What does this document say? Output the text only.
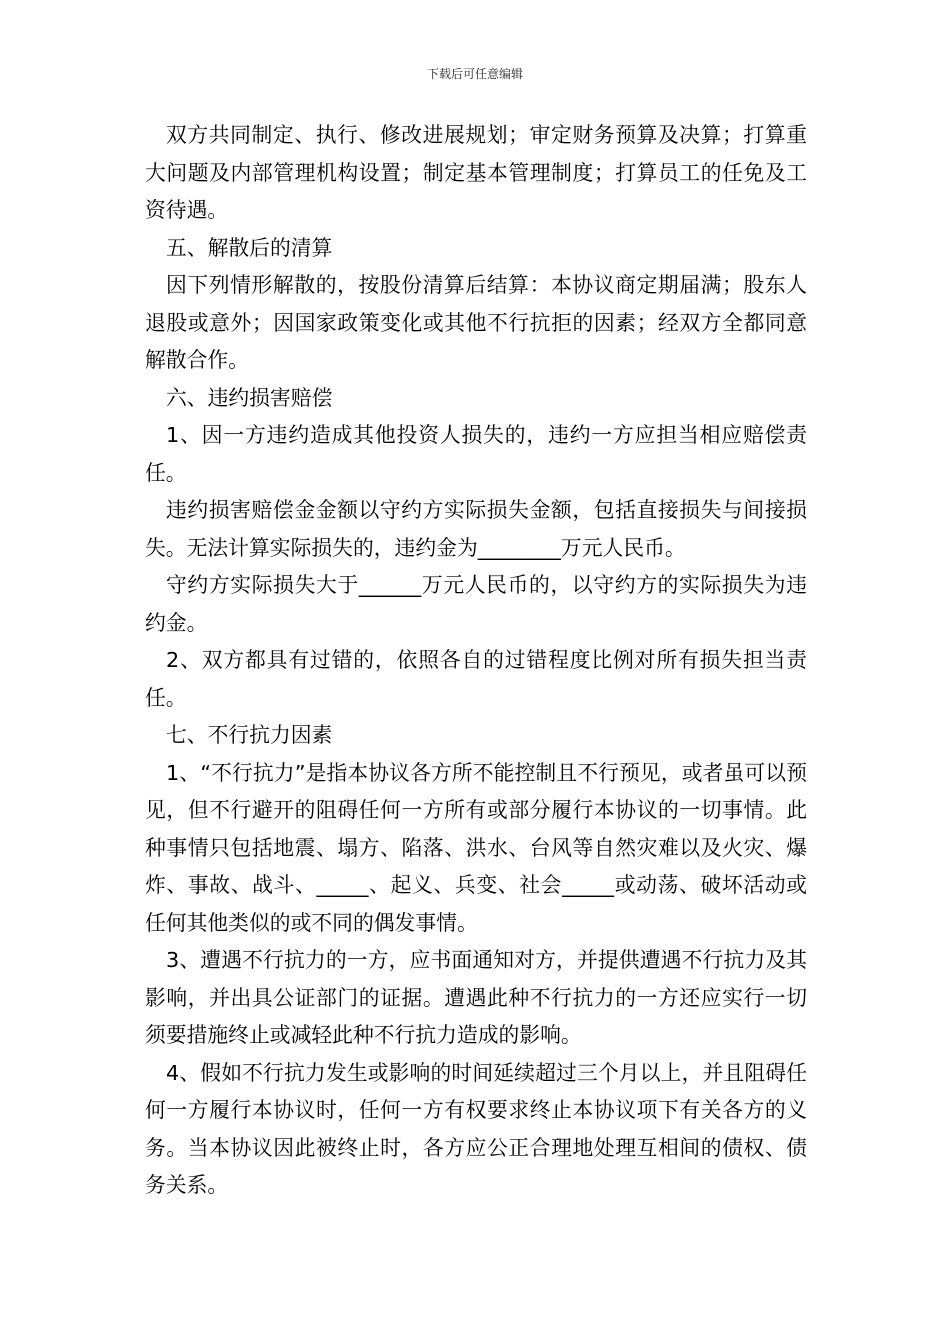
下载后可任意编辑

双方共同制定、执行、修改进展规划；审定财务预算及决算；打算重大问题及内部管理机构设置；制定基本管理制度；打算员工的任免及工资待遇。

五、解散后的清算

因下列情形解散的，按股份清算后结算：本协议商定期届满；股东人退股或意外；因国家政策变化或其他不行抗拒的因素；经双方全都同意解散合作。

六、违约损害赔偿

1、因一方违约造成其他投资人损失的，违约一方应担当相应赔偿责任。

违约损害赔偿金金额以守约方实际损失金额，包括直接损失与间接损失。无法计算实际损失的，违约金为________万元人民币。

守约方实际损失大于______万元人民币的，以守约方的实际损失为违约金。

2、双方都具有过错的，依照各自的过错程度比例对所有损失担当责任。

七、不行抗力因素

1、“不行抗力”是指本协议各方所不能控制且不行预见，或者虽可以预见，但不行避开的阻碍任何一方所有或部分履行本协议的一切事情。此种事情只包括地震、塌方、陷落、洪水、台风等自然灾难以及火灾、爆炸、事故、战斗、_____、起义、兵变、社会_____或动荡、破坏活动或任何其他类似的或不同的偶发事情。

3、遭遇不行抗力的一方，应书面通知对方，并提供遭遇不行抗力及其影响，并出具公证部门的证据。遭遇此种不行抗力的一方还应实行一切须要措施终止或减轻此种不行抗力造成的影响。

4、假如不行抗力发生或影响的时间延续超过三个月以上，并且阻碍任何一方履行本协议时，任何一方有权要求终止本协议项下有关各方的义务。当本协议因此被终止时，各方应公正合理地处理互相间的债权、债务关系。
